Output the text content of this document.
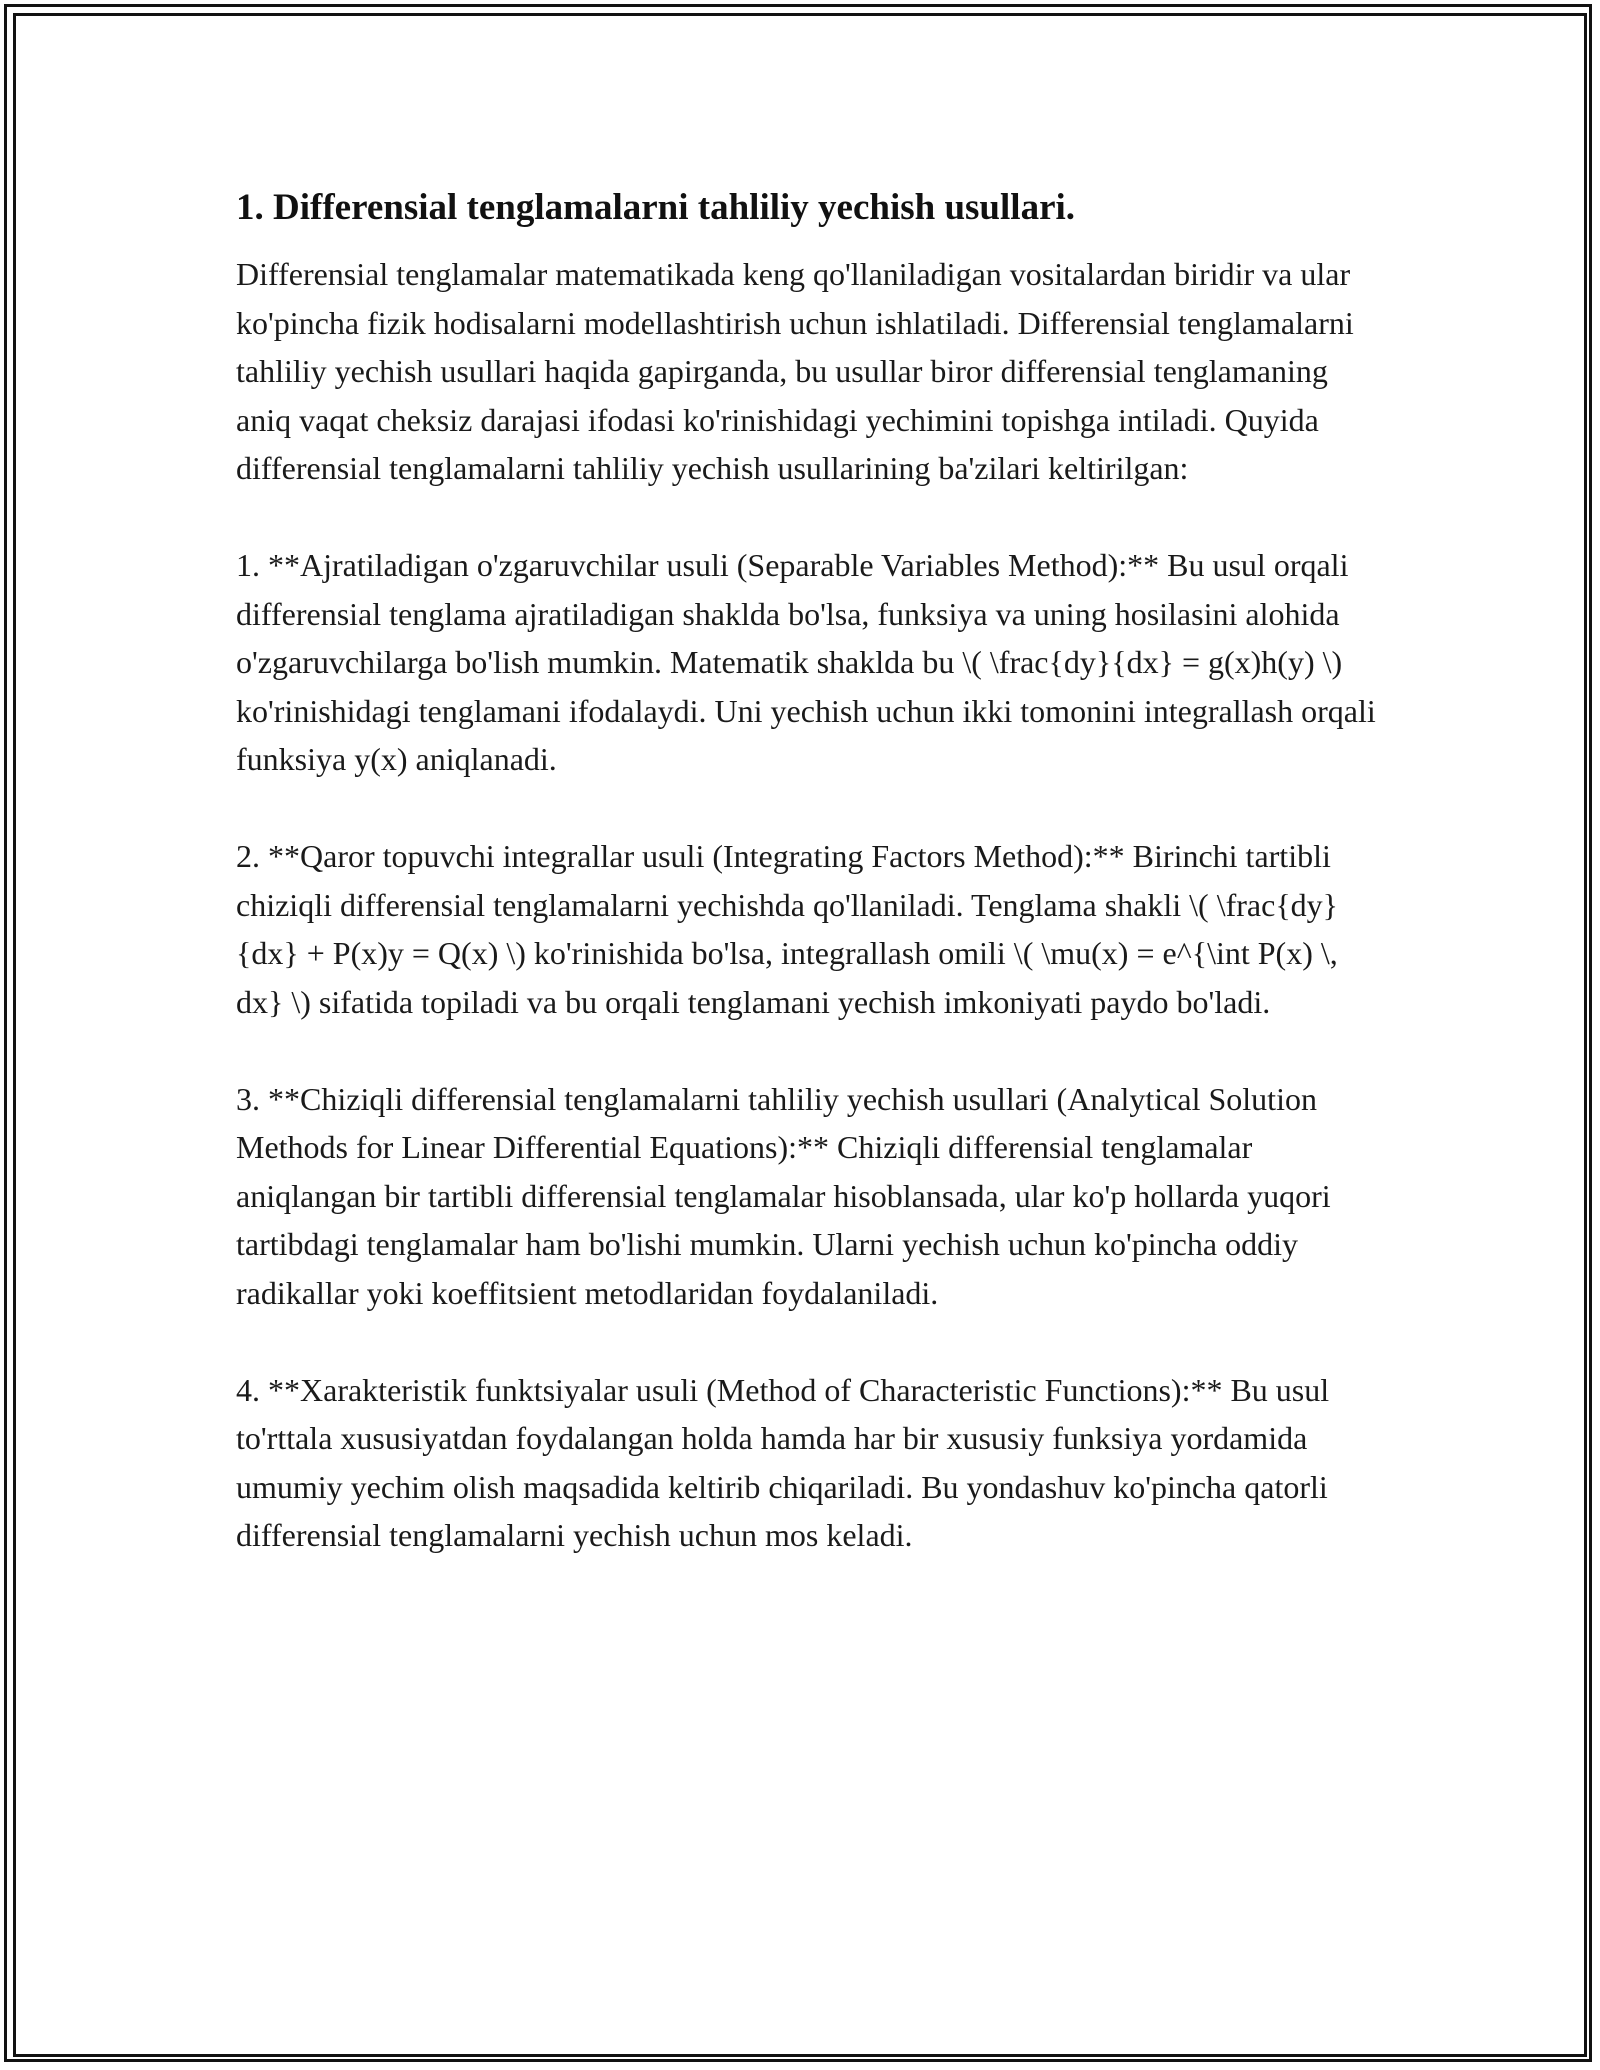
1. Differensial tenglamalarni tahliliy yechish usullari.

Differensial tenglamalar matematikada keng qo'llaniladigan vositalardan biridir va ular ko'pincha fizik hodisalarni modellashtirish uchun ishlatiladi. Differensial tenglamalarni tahliliy yechish usullari haqida gapirganda, bu usullar biror differensial tenglamaning aniq vaqat cheksiz darajasi ifodasi ko'rinishidagi yechimini topishga intiladi. Quyida differensial tenglamalarni tahliliy yechish usullarining ba'zilari keltirilgan:

1. **Ajratiladigan o'zgaruvchilar usuli (Separable Variables Method):** Bu usul orqali differensial tenglama ajratiladigan shaklda bo'lsa, funksiya va uning hosilasini alohida o'zgaruvchilarga bo'lish mumkin. Matematik shaklda bu \( \frac{dy}{dx} = g(x)h(y) \) ko'rinishidagi tenglamani ifodalaydi. Uni yechish uchun ikki tomonini integrallash orqali funksiya y(x) aniqlanadi.

2. **Qaror topuvchi integrallar usuli (Integrating Factors Method):** Birinchi tartibli chiziqli differensial tenglamalarni yechishda qo'llaniladi. Tenglama shakli \( \frac{dy}{dx} + P(x)y = Q(x) \) ko'rinishida bo'lsa, integrallash omili \( \mu(x) = e^{\int P(x) \, dx} \) sifatida topiladi va bu orqali tenglamani yechish imkoniyati paydo bo'ladi.

3. **Chiziqli differensial tenglamalarni tahliliy yechish usullari (Analytical Solution Methods for Linear Differential Equations):** Chiziqli differensial tenglamalar aniqlangan bir tartibli differensial tenglamalar hisoblansada, ular ko'p hollarda yuqori tartibdagi tenglamalar ham bo'lishi mumkin. Ularni yechish uchun ko'pincha oddiy radikallar yoki koeffitsient metodlaridan foydalaniladi.

4. **Xarakteristik funktsiyalar usuli (Method of Characteristic Functions):** Bu usul to'rttala xususiyatdan foydalangan holda hamda har bir xususiy funksiya yordamida umumiy yechim olish maqsadida keltirib chiqariladi. Bu yondashuv ko'pincha qatorli differensial tenglamalarni yechish uchun mos keladi.
